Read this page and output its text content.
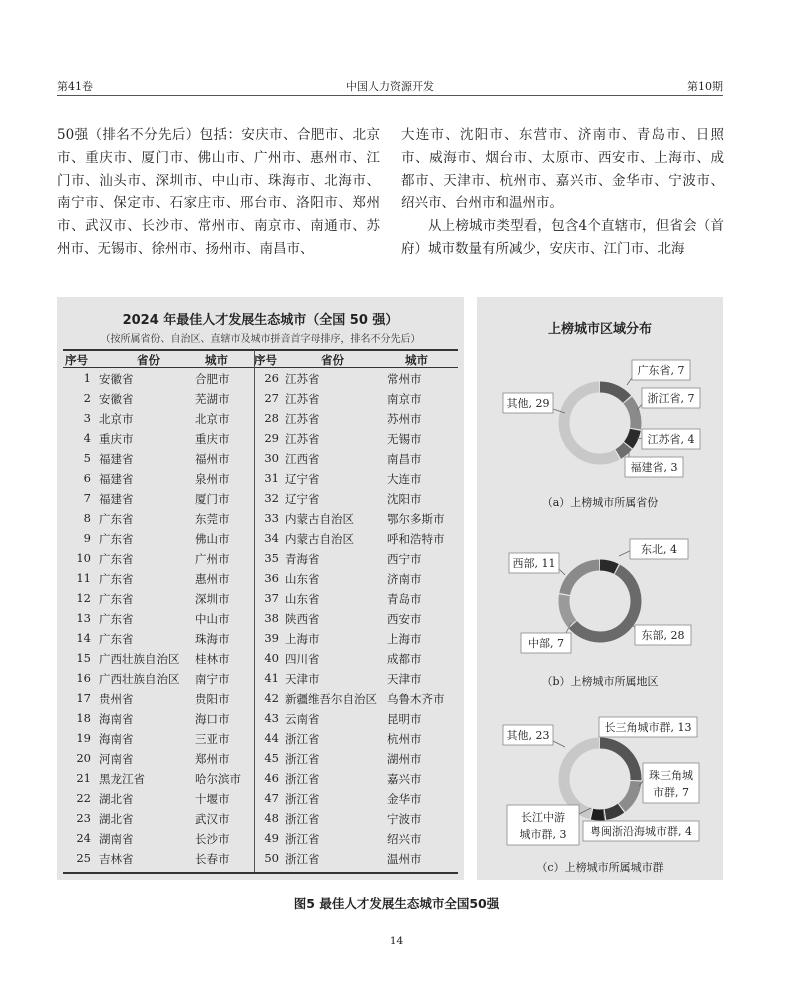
第41卷	中国人力资源开发	第10期

50强（排名不分先后）包括：安庆市、合肥市、北京市、重庆市、厦门市、佛山市、广州市、惠州市、江门市、汕头市、深圳市、中山市、珠海市、北海市、南宁市、保定市、石家庄市、邢台市、洛阳市、郑州市、武汉市、长沙市、常州市、南京市、南通市、苏州市、无锡市、徐州市、扬州市、南昌市、

大连市、沈阳市、东营市、济南市、青岛市、日照市、威海市、烟台市、太原市、西安市、上海市、成都市、天津市、杭州市、嘉兴市、金华市、宁波市、绍兴市、台州市和温州市。

从上榜城市类型看，包含4个直辖市，但省会（首府）城市数量有所减少，安庆市、江门市、北海

2024 年最佳人才发展生态城市（全国 50 强）
（按所属省份、自治区、直辖市及城市拼音首字母排序，排名不分先后）
序号	省份	城市 序号	省份	城市
1 安徽省	合肥市	26 江苏省	常州市
2 安徽省	芜湖市	27 江苏省	南京市
3 北京市	北京市	28 江苏省	苏州市
4 重庆市	重庆市	29 江苏省	无锡市
5 福建省	福州市	30 江西省	南昌市
6 福建省	泉州市	31 辽宁省	大连市
7 福建省	厦门市	32 辽宁省	沈阳市
8 广东省	东莞市	33 内蒙古自治区	鄂尔多斯市
9 广东省	佛山市	34 内蒙古自治区	呼和浩特市
10 广东省	广州市	35 青海省	西宁市
11 广东省	惠州市	36 山东省	济南市
12 广东省	深圳市	37 山东省	青岛市
13 广东省	中山市	38 陕西省	西安市
14 广东省	珠海市	39 上海市	上海市
15 广西壮族自治区 桂林市	40 四川省	成都市
16 广西壮族自治区 南宁市	41 天津市	天津市
17 贵州省	贵阳市	42 新疆维吾尔自治区 乌鲁木齐市
18 海南省	海口市	43 云南省	昆明市
19 海南省	三亚市	44 浙江省	杭州市
20 河南省	郑州市	45 浙江省	湖州市
21 黑龙江省	哈尔滨市	46 浙江省	嘉兴市
22 湖北省	十堰市	47 浙江省	金华市
23 湖北省	武汉市	48 浙江省	宁波市
24 湖南省	长沙市	49 浙江省	绍兴市
25 吉林省	长春市	50 浙江省	温州市
上榜城市区域分布
广东省, 7
浙江省, 7
江苏省, 4
福建省, 3
其他, 29
（a）上榜城市所属省份
东北, 4
东部, 28
中部, 7
西部, 11
（b）上榜城市所属地区
长三角城市群, 13
珠三角城
市群, 7
粤闽浙沿海城市群, 4
长江中游
城市群, 3
其他, 23
（c）上榜城市所属城市群
图5 最佳人才发展生态城市全国50强
14
